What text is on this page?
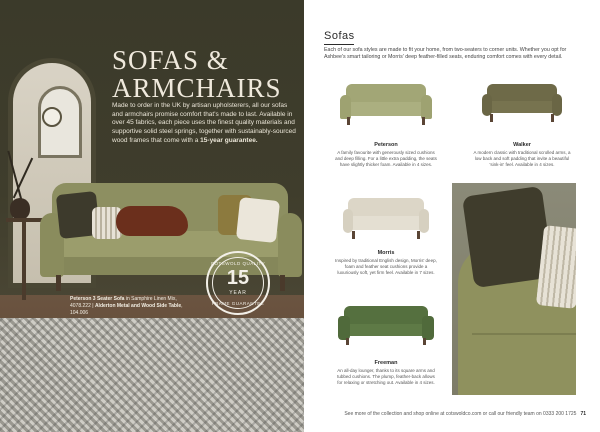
SOFAS &
ARMCHAIRS
Made to order in the UK by artisan upholsterers, all our sofas and armchairs promise comfort that's made to last. Available in over 45 fabrics, each piece uses the finest quality materials and supportive solid steel springs, together with sustainably-sourced wood frames that come with a 15-year guarantee.
COTSWOLD QUALITY
15
YEAR
FRAME GUARANTEE
Peterson 3 Seater Sofa in Samphire Linen Mix, 4078.222 | Alderton Metal and Wood Side Table, 104.006
Sofas
Each of our sofa styles are made to fit your home, from two-seaters to corner units. Whether you opt for Ashbee's smart tailoring or Morris' deep feather-filled seats, enduring comfort comes with every detail.
Peterson
A family favourite with generously sized cushions and deep filling. For a little extra padding, the seats have slightly thicker foam. Available in 4 sizes.
Walker
A modern classic with traditional scrolled arms, a low back and soft padding that invite a beautiful 'sink-in' feel. Available in 4 sizes.
Morris
Inspired by traditional English design, Morris' deep, foam and feather seat cushions provide a luxuriously soft, yet firm feel. Available in 7 sizes.
Freeman
An all-day lounger, thanks to its square arms and tubbed cushions. The plump, feather-back allows for relaxing or stretching out. Available in 4 sizes.
See more of the collection and shop online at cotswoldco.com or call our friendly team on 0333 200 1725 71
